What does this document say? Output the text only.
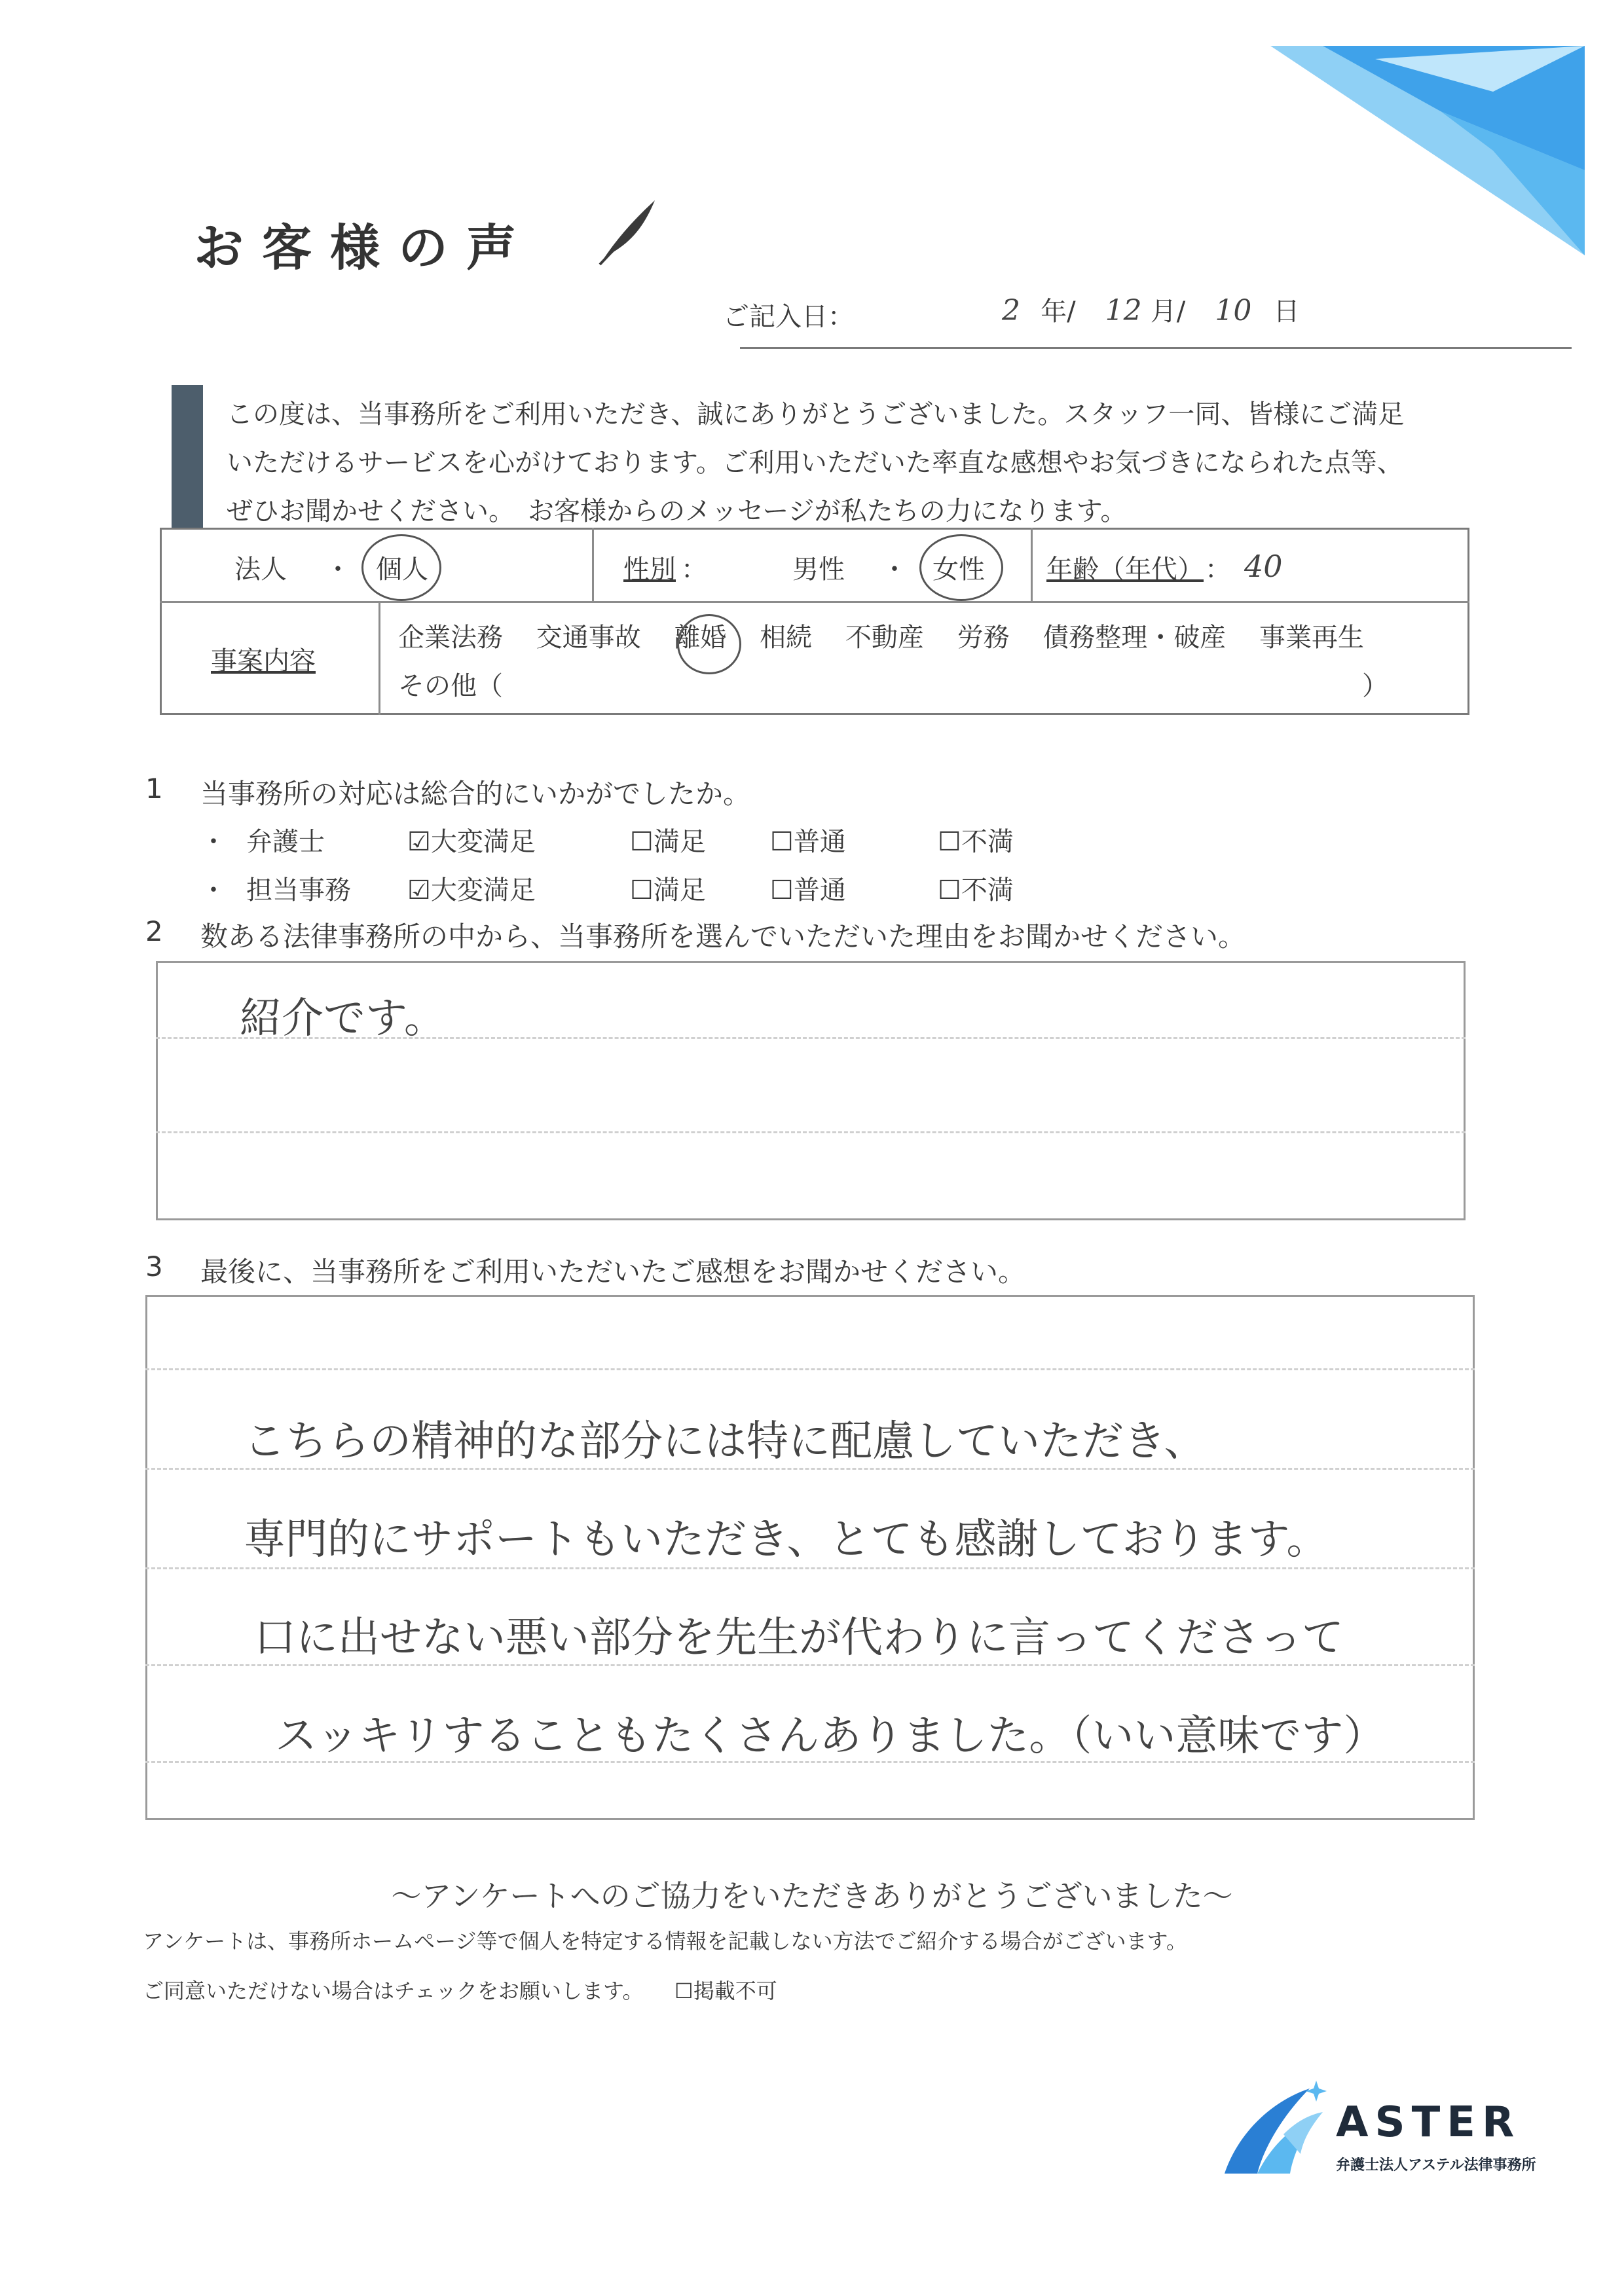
お客様の声
ご記入日：	2 年/ 12 月/ 10 日
この度は、当事務所をご利用いただき、誠にありがとうございました。スタッフ一同、皆様にご満足
いただけるサービスを心がけております。ご利用いただいた率直な感想やお気づきになられた点等、
ぜひお聞かせください。　お客様からのメッセージが私たちの力になります。
法人 ・ 個人	性別 ：	男性 ・ 女性 年齢（年代） ： 40
事案内容
企業法務 交通事故 離婚 相続 不動産 労務 債務整理・破産 事業再生
その他（	）
1 当事務所の対応は総合的にいかがでしたか。
・ 弁護士	☑大変満足	☐満足 ☐普通	☐不満
・ 担当事務 ☑大変満足	☐満足 ☐普通	☐不満
2 数ある法律事務所の中から、当事務所を選んでいただいた理由をお聞かせください。
紹介です。
3 最後に、当事務所をご利用いただいたご感想をお聞かせください。
こちらの精神的な部分には特に配慮していただき、
専門的にサポートもいただき、とても感謝しております。
口に出せない悪い部分を先生が代わりに言ってくださって
スッキリすることもたくさんありました。（いい意味です）
～アンケートへのご協力をいただきありがとうございました～
アンケートは、事務所ホームページ等で個人を特定する情報を記載しない方法でご紹介する場合がございます。
ご同意いただけない場合はチェックをお願いします。 ☐掲載不可
ASTER
弁護士法人アステル法律事務所
